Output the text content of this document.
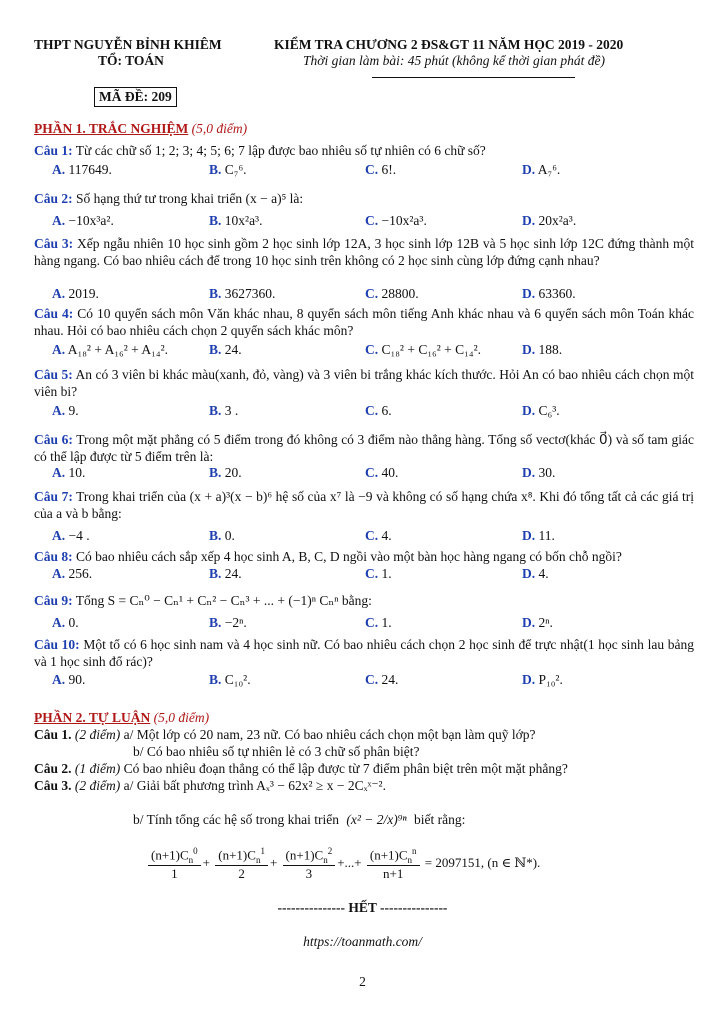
THPT NGUYỄN BỈNH KHIÊM
TỔ: TOÁN
KIỂM TRA CHƯƠNG 2 ĐS&GT 11 NĂM HỌC 2019 - 2020
Thời gian làm bài: 45 phút (không kể thời gian phát đề)
MÃ ĐỀ: 209
PHẦN 1. TRẮC NGHIỆM (5,0 điểm)
Câu 1: Từ các chữ số 1; 2; 3; 4; 5; 6; 7 lập được bao nhiêu số tự nhiên có 6 chữ số?
A. 117649.	B. C₇⁶.	C. 6!.	D. A₇⁶.
Câu 2: Số hạng thứ tư trong khai triển (x − a)⁵ là:
A. −10x³a².	B. 10x²a³.	C. −10x²a³.	D. 20x²a³.
Câu 3: Xếp ngẫu nhiên 10 học sinh gồm 2 học sinh lớp 12A, 3 học sinh lớp 12B và 5 học sinh lớp 12C đứng thành một hàng ngang. Có bao nhiêu cách để trong 10 học sinh trên không có 2 học sinh cùng lớp đứng cạnh nhau?
A. 2019.	B. 3627360.	C. 28800.	D. 63360.
Câu 4: Có 10 quyển sách môn Văn khác nhau, 8 quyển sách môn tiếng Anh khác nhau và 6 quyển sách môn Toán khác nhau. Hỏi có bao nhiêu cách chọn 2 quyển sách khác môn?
A. A₁₈² + A₁₆² + A₁₄².	B. 24.	C. C₁₈² + C₁₆² + C₁₄².	D. 188.
Câu 5: An có 3 viên bi khác màu(xanh, đỏ, vàng) và 3 viên bi trắng khác kích thước. Hỏi An có bao nhiêu cách chọn một viên bi?
A. 9.	B. 3 .	C. 6.	D. C₆³.
Câu 6: Trong một mặt phẳng có 5 điểm trong đó không có 3 điểm nào thẳng hàng. Tổng số vectơ(khác 0⃗) và số tam giác có thể lập được từ 5 điểm trên là:
A. 10.	B. 20.	C. 40.	D. 30.
Câu 7: Trong khai triển của (x + a)³(x − b)⁶ hệ số của x⁷ là −9 và không có số hạng chứa x⁸. Khi đó tổng tất cả các giá trị của a và b bằng:
A. −4 .	B. 0.	C. 4.	D. 11.
Câu 8: Có bao nhiêu cách sắp xếp 4 học sinh A, B, C, D ngồi vào một bàn học hàng ngang có bốn chỗ ngồi?
A. 256.	B. 24.	C. 1.	D. 4.
Câu 9: Tổng S = Cₙ⁰ − Cₙ¹ + Cₙ² − Cₙ³ + ... + (−1)ⁿ Cₙⁿ bằng:
A. 0.	B. −2ⁿ.	C. 1.	D. 2ⁿ.
Câu 10: Một tổ có 6 học sinh nam và 4 học sinh nữ. Có bao nhiêu cách chọn 2 học sinh để trực nhật(1 học sinh lau bảng và 1 học sinh đổ rác)?
A. 90.	B. C₁₀².	C. 24.	D. P₁₀².
PHẦN 2. TỰ LUẬN (5,0 điểm)
Câu 1. (2 điểm) a/ Một lớp có 20 nam, 23 nữ. Có bao nhiêu cách chọn một bạn làm quỹ lớp?
b/ Có bao nhiêu số tự nhiên lẻ có 3 chữ số phân biệt?
Câu 2. (1 điểm) Có bao nhiêu đoạn thẳng có thể lập được từ 7 điểm phân biệt trên một mặt phẳng?
Câu 3. (2 điểm) a/ Giải bất phương trình Aₓ³ − 62x² ≥ x − 2Cₓˣ⁻².
b/ Tính tổng các hệ số trong khai triển (x² − 2/x)⁹ⁿ biết rằng:
$\frac{(n+1)C_n^0}{1} + \frac{(n+1)C_n^1}{2} + \frac{(n+1)C_n^2}{3}$ +...+ $\frac{(n+1)C_n^n}{n+1} = 2097151$, (n ∈ ℕ*).
--------------- HẾT ---------------
https://toanmath.com/
2
